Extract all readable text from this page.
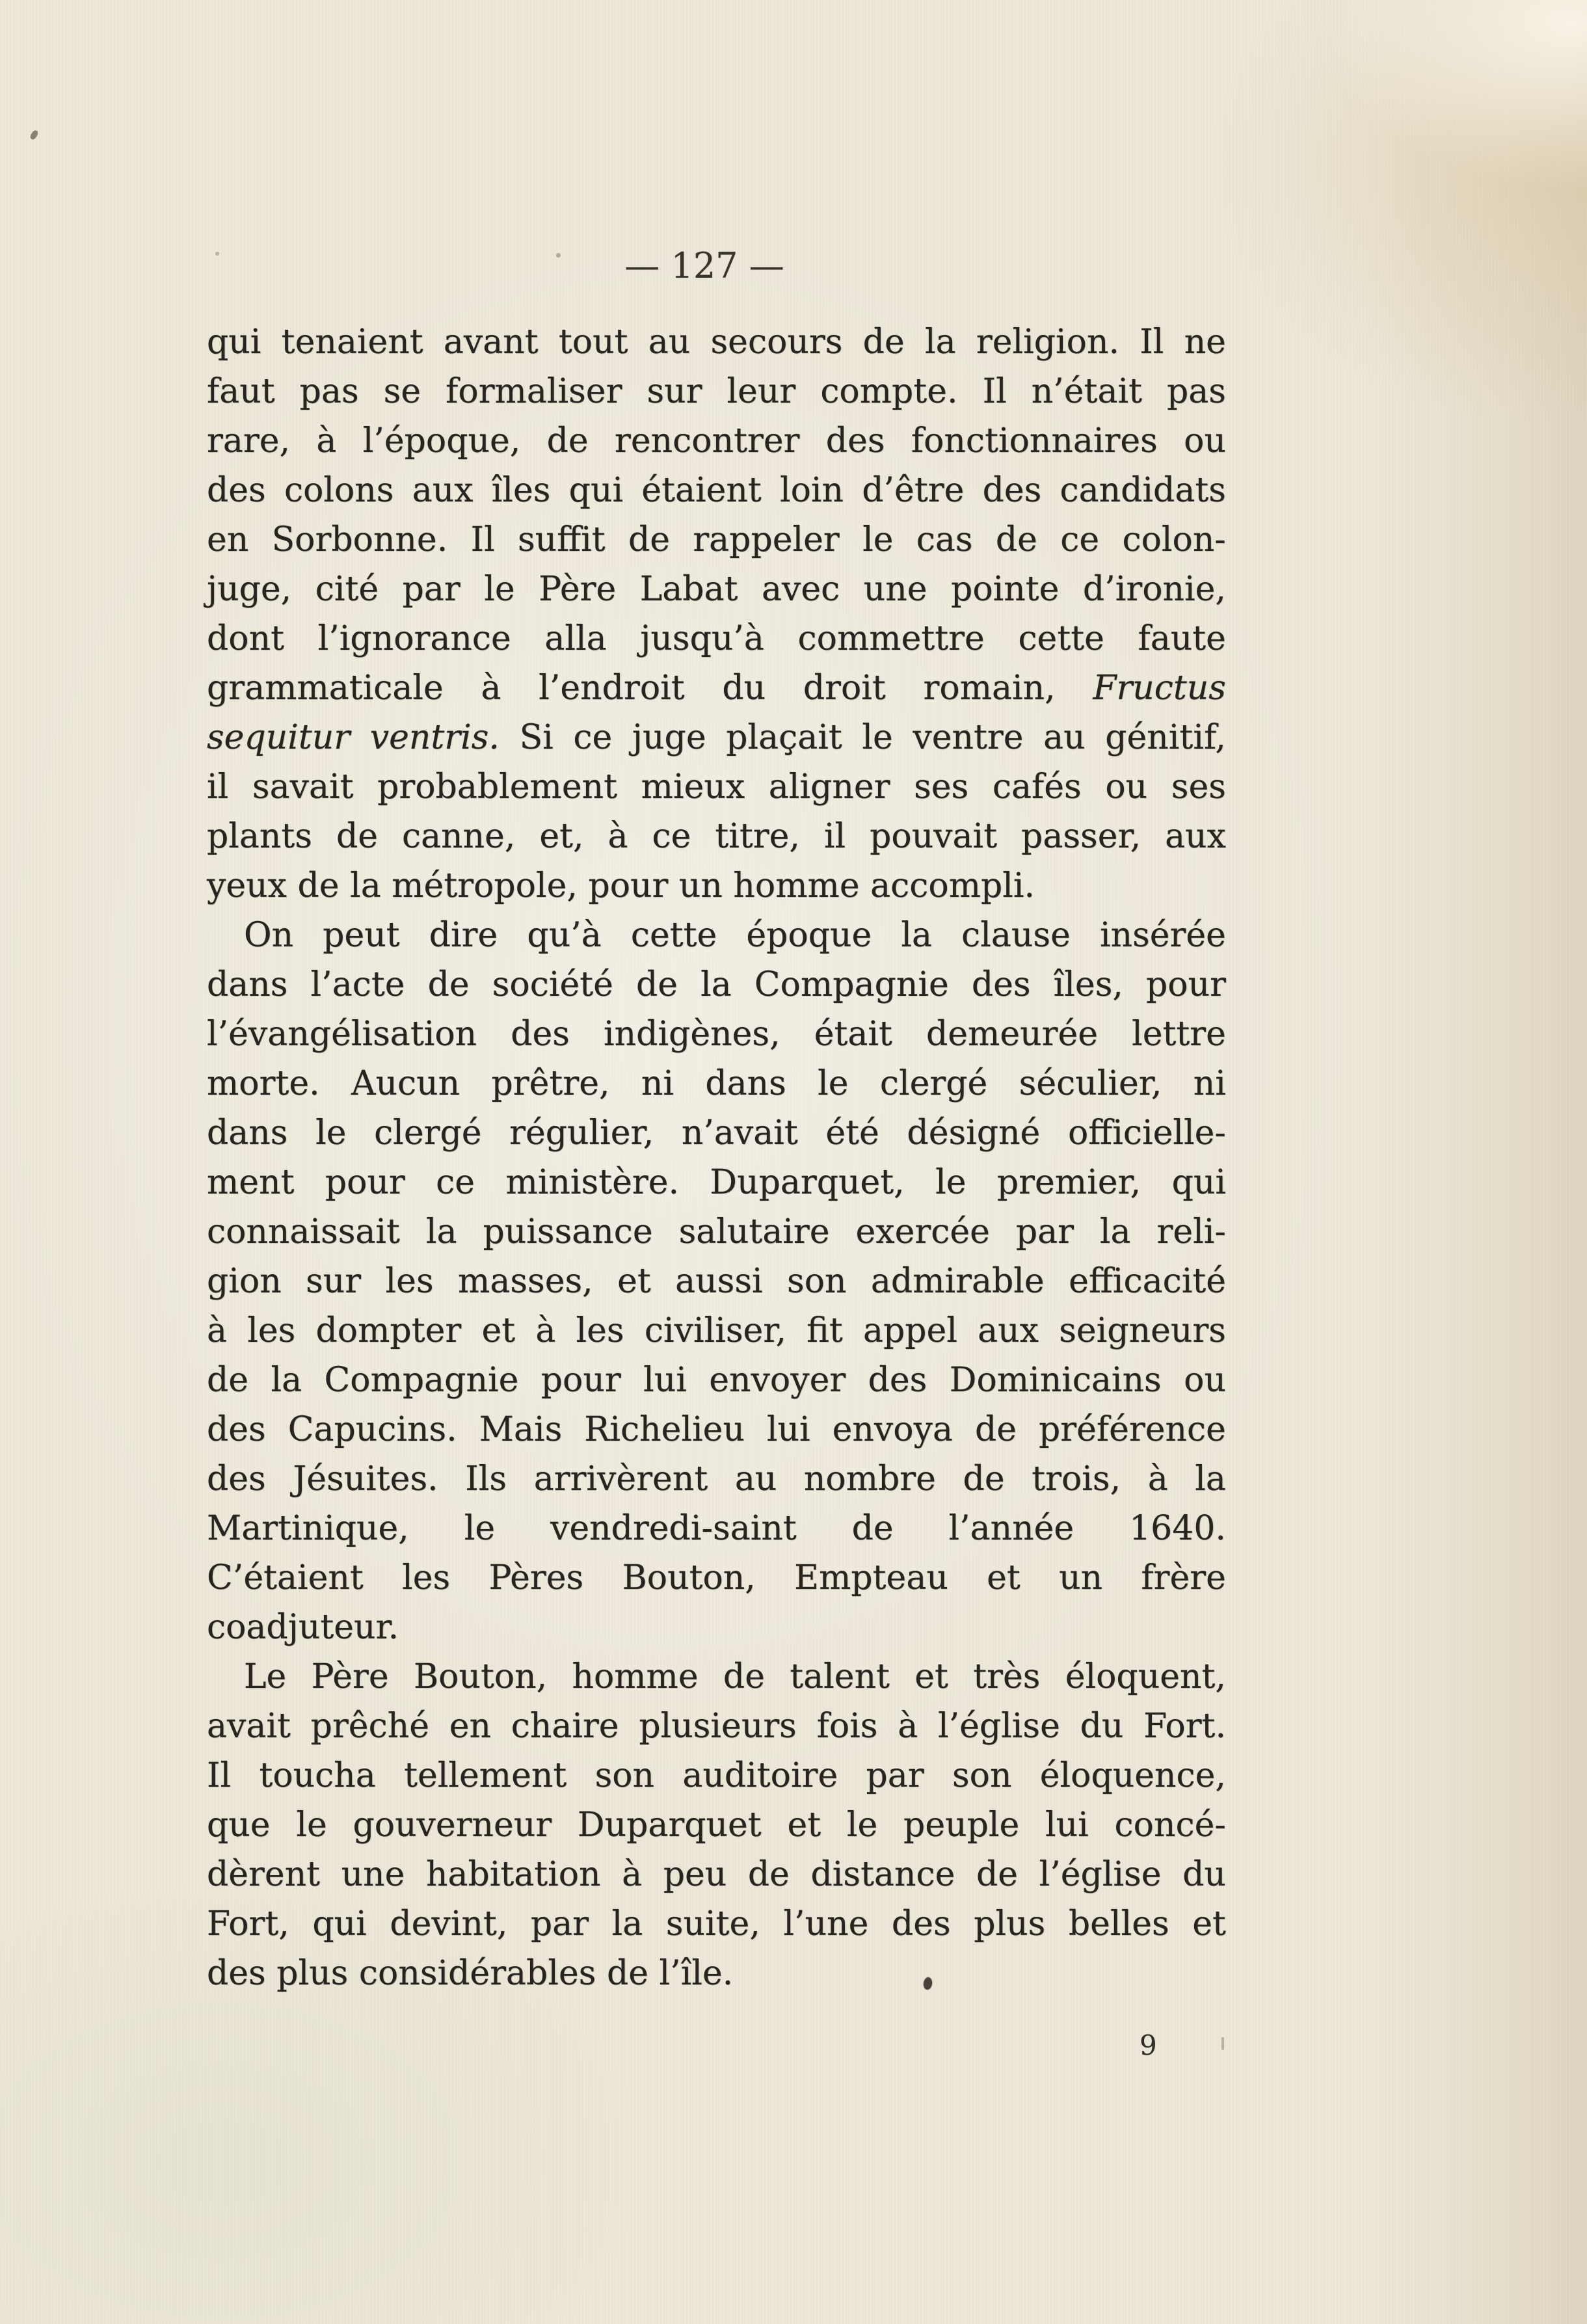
— 127 —
qui tenaient avant tout au secours de la religion. Il ne
faut pas se formaliser sur leur compte. Il n’était pas
rare, à l’époque, de rencontrer des fonctionnaires ou
des colons aux îles qui étaient loin d’être des candidats
en Sorbonne. Il suffit de rappeler le cas de ce colon-
juge, cité par le Père Labat avec une pointe d’ironie,
dont l’ignorance alla jusqu’à commettre cette faute
grammaticale à l’endroit du droit romain, Fructus
sequitur ventris. Si ce juge plaçait le ventre au génitif,
il savait probablement mieux aligner ses cafés ou ses
plants de canne, et, à ce titre, il pouvait passer, aux
yeux de la métropole, pour un homme accompli.
On peut dire qu’à cette époque la clause insérée
dans l’acte de société de la Compagnie des îles, pour
l’évangélisation des indigènes, était demeurée lettre
morte. Aucun prêtre, ni dans le clergé séculier, ni
dans le clergé régulier, n’avait été désigné officielle-
ment pour ce ministère. Duparquet, le premier, qui
connaissait la puissance salutaire exercée par la reli-
gion sur les masses, et aussi son admirable efficacité
à les dompter et à les civiliser, fit appel aux seigneurs
de la Compagnie pour lui envoyer des Dominicains ou
des Capucins. Mais Richelieu lui envoya de préférence
des Jésuites. Ils arrivèrent au nombre de trois, à la
Martinique, le vendredi-saint de l’année 1640.
C’étaient les Pères Bouton, Empteau et un frère
coadjuteur.
Le Père Bouton, homme de talent et très éloquent,
avait prêché en chaire plusieurs fois à l’église du Fort.
Il toucha tellement son auditoire par son éloquence,
que le gouverneur Duparquet et le peuple lui concé-
dèrent une habitation à peu de distance de l’église du
Fort, qui devint, par la suite, l’une des plus belles et
des plus considérables de l’île.
9
